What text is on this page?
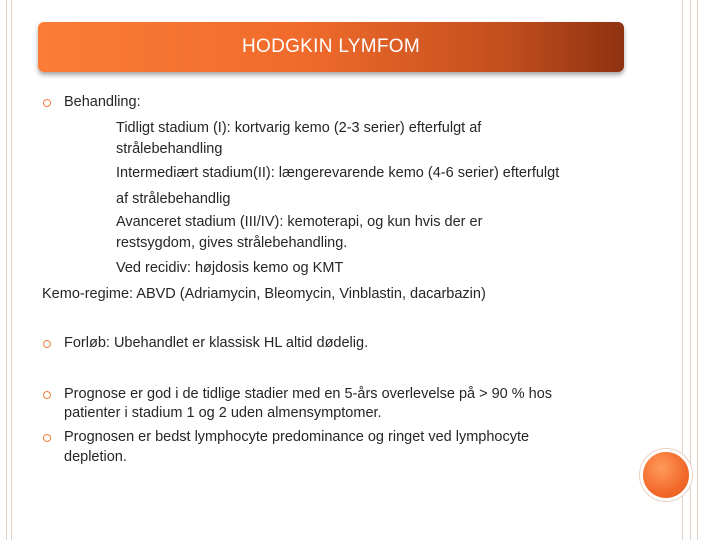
HODGKIN LYMFOM
Behandling:
Tidligt stadium (I): kortvarig kemo (2-3 serier) efterfulgt af
strålebehandling
Intermediært stadium(II): længerevarende kemo (4-6 serier) efterfulgt
af strålebehandlig
Avanceret stadium (III/IV): kemoterapi, og kun hvis der er
restsygdom, gives strålebehandling.
Ved recidiv: højdosis kemo og KMT
Kemo-regime: ABVD (Adriamycin, Bleomycin, Vinblastin, dacarbazin)
Forløb: Ubehandlet er klassisk HL altid dødelig.
Prognose er god i de tidlige stadier med en 5-års overlevelse på > 90 % hos
patienter i stadium 1 og 2 uden almensymptomer.
Prognosen er bedst lymphocyte predominance og ringet ved lymphocyte
depletion.
